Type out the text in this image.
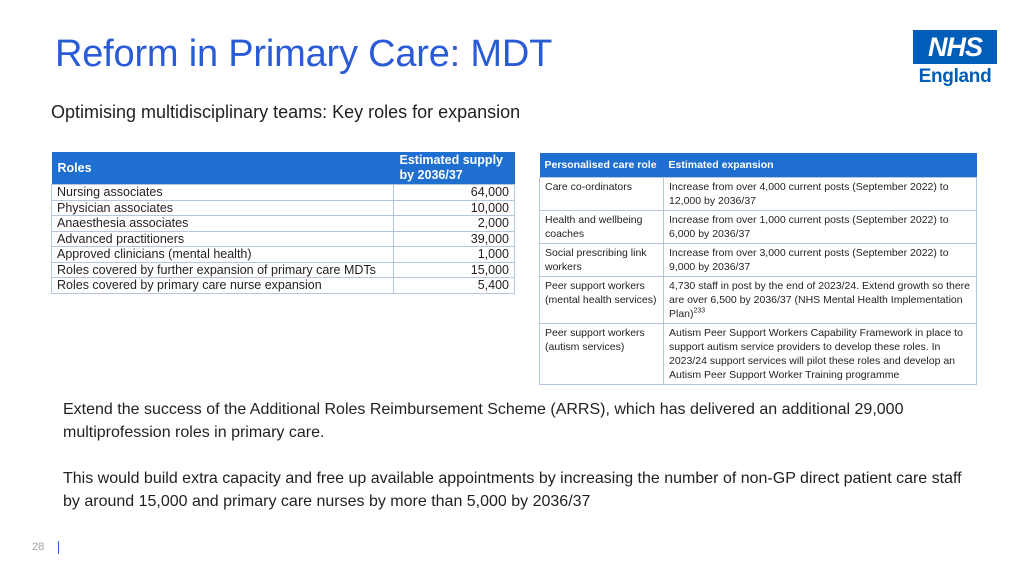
Reform in Primary Care: MDT	NHS
England

Optimising multidisciplinary teams: Key roles for expansion

Roles	Estimated supply by 2036/37
Nursing associates	64,000
Physician associates	10,000
Anaesthesia associates	2,000
Advanced practitioners	39,000
Approved clinicians (mental health)	1,000
Roles covered by further expansion of primary care MDTs	15,000
Roles covered by primary care nurse expansion	5,400
Personalised care role	Estimated expansion
Care co-ordinators	Increase from over 4,000 current posts (September 2022) to 12,000 by 2036/37
Health and wellbeing coaches	Increase from over 1,000 current posts (September 2022) to 6,000 by 2036/37
Social prescribing link workers	Increase from over 3,000 current posts (September 2022) to 9,000 by 2036/37
Peer support workers (mental health services)	4,730 staff in post by the end of 2023/24. Extend growth so there are over 6,500 by 2036/37 (NHS Mental Health Implementation Plan)$^{233}$
Peer support workers (autism services)	Autism Peer Support Workers Capability Framework in place to support autism service providers to develop these roles. In 2023/24 support services will pilot these roles and develop an Autism Peer Support Worker Training programme

Extend the success of the Additional Roles Reimbursement Scheme (ARRS), which has delivered an additional 29,000 multiprofession roles in primary care.

This would build extra capacity and free up available appointments by increasing the number of non-GP direct patient care staff by around 15,000 and primary care nurses by more than 5,000 by 2036/37

28
